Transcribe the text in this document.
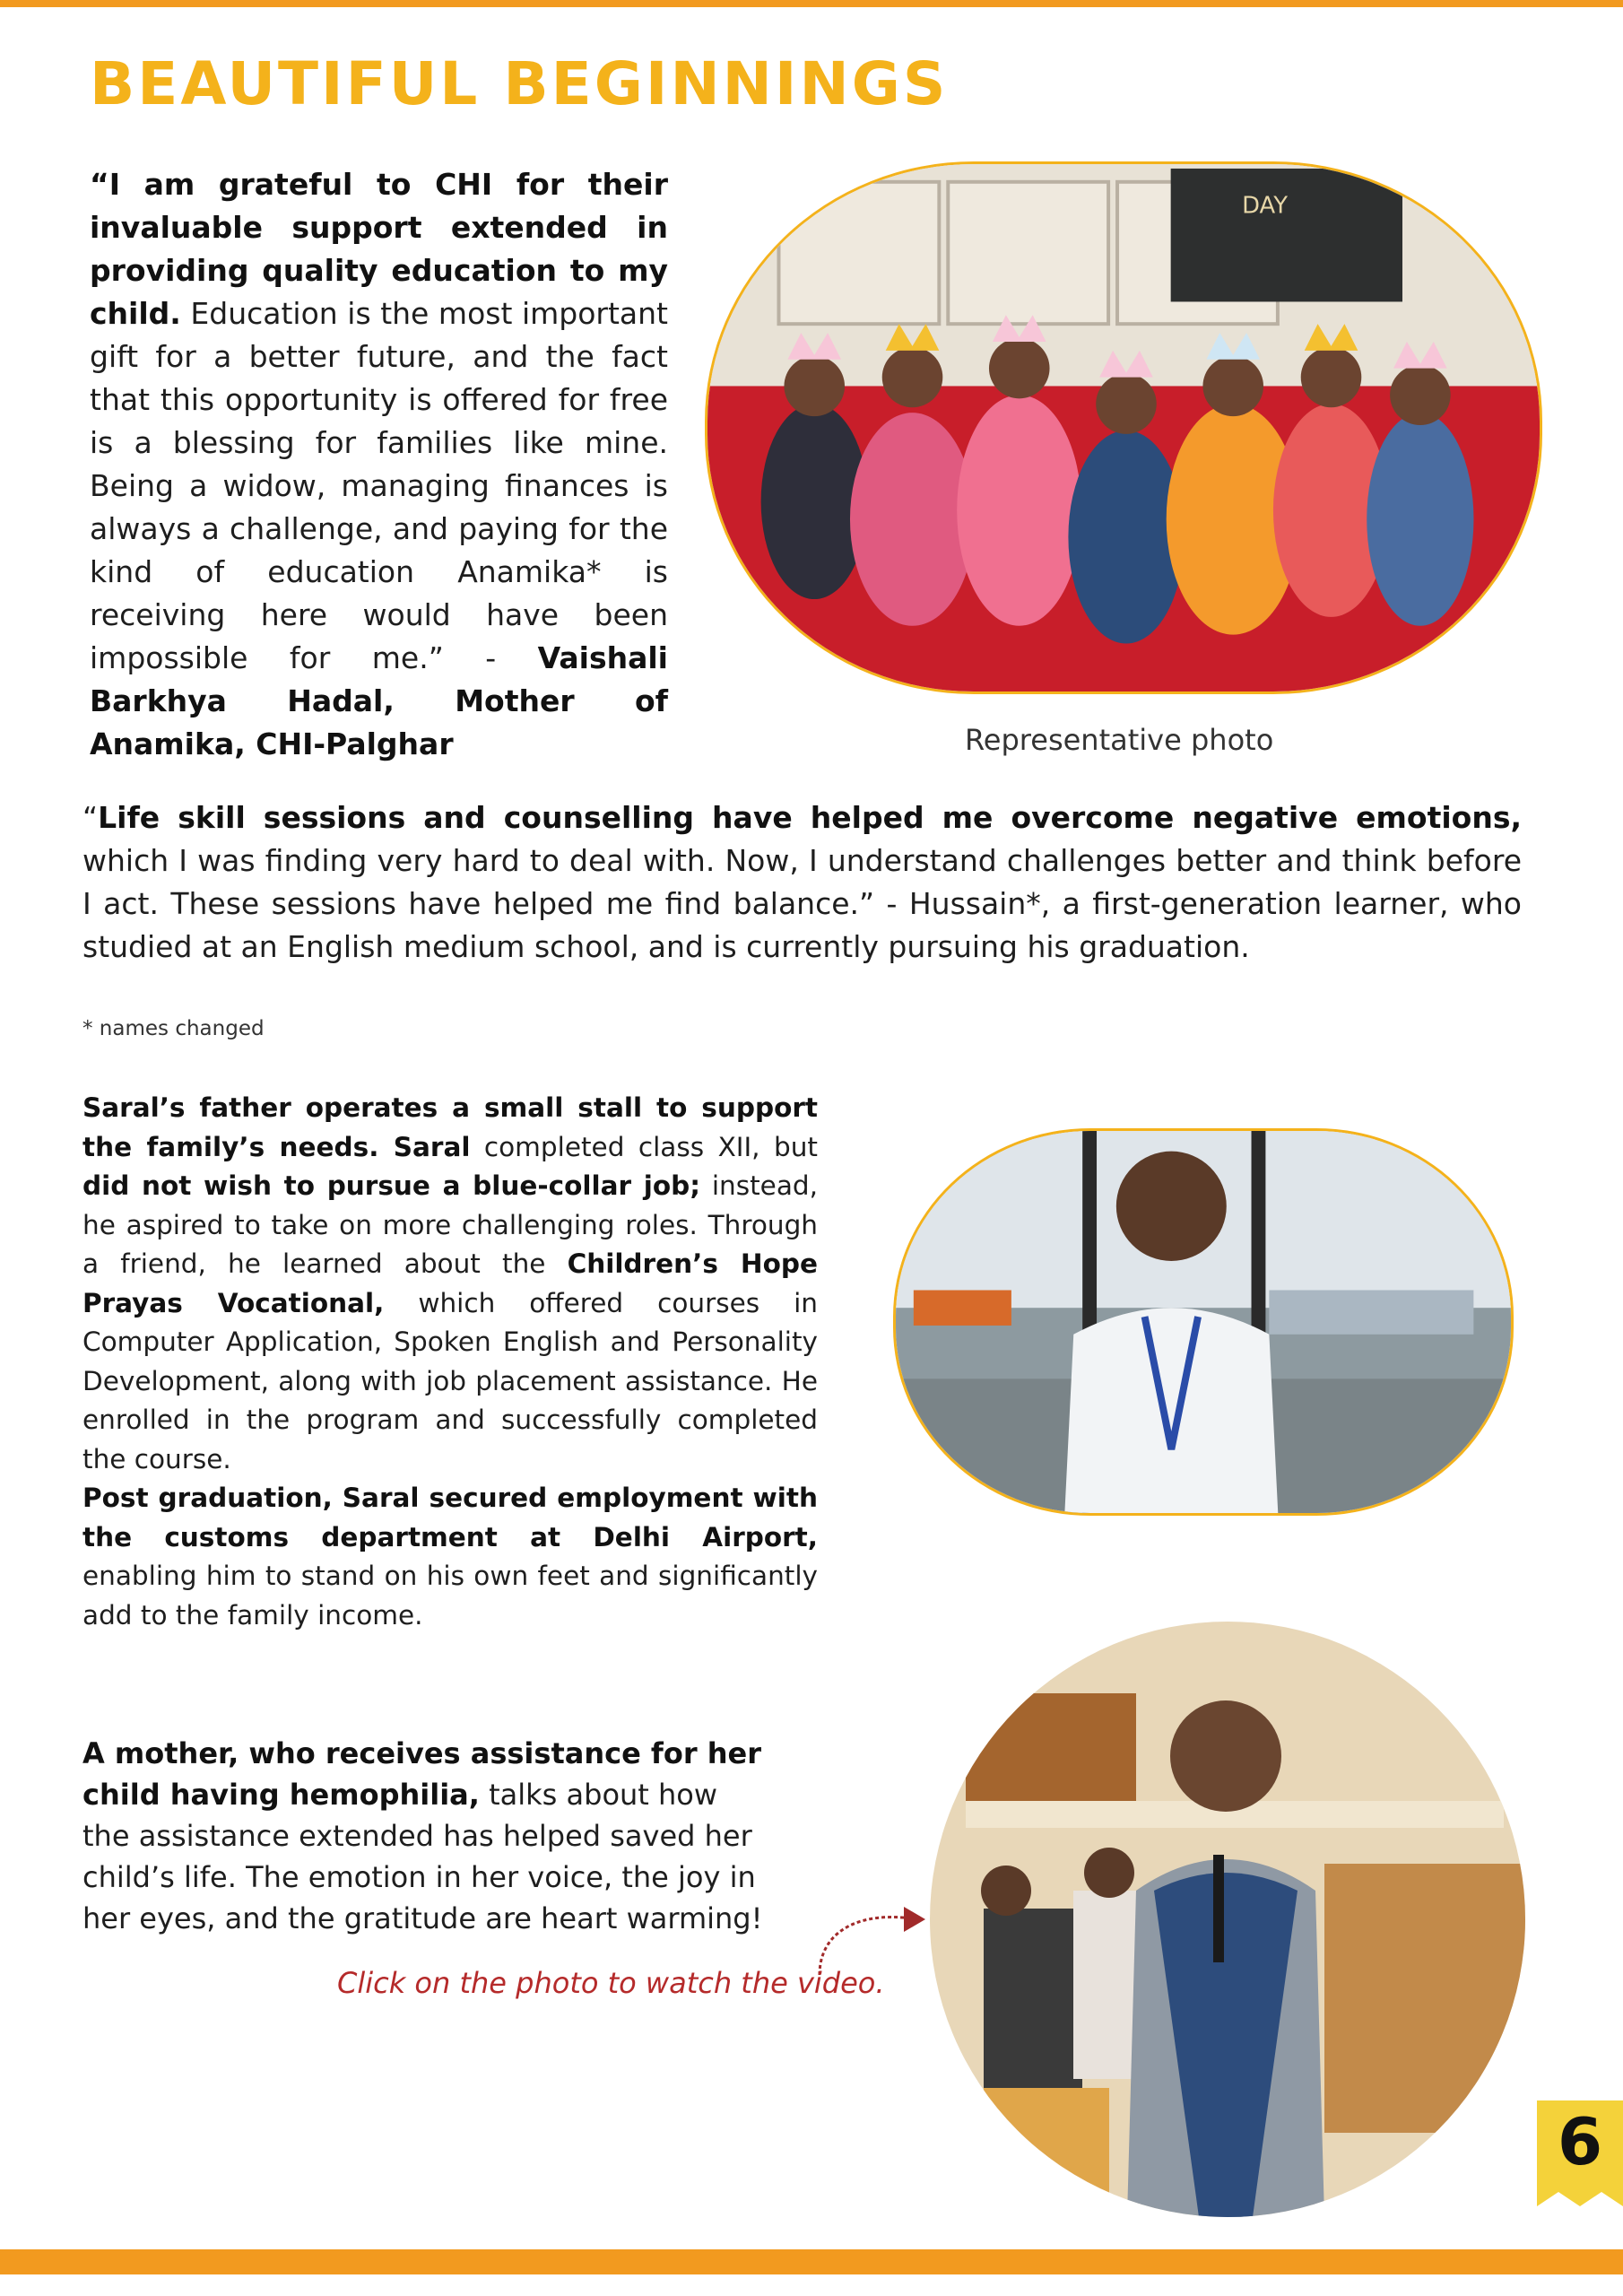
BEAUTIFUL BEGINNINGS

“I am grateful to CHI for their invaluable support extended in providing quality education to my child. Education is the most important gift for a better future, and the fact that this opportunity is offered for free is a blessing for families like mine. Being a widow, managing finances is always a challenge, and paying for the kind of education Anamika* is receiving here would have been impossible for me.” - Vaishali Barkhya Hadal, Mother of Anamika, CHI-Palghar

DAY
Representative photo

“Life skill sessions and counselling have helped me overcome negative emotions, which I was finding very hard to deal with. Now, I understand challenges better and think before I act. These sessions have helped me find balance.” - Hussain*, a first-generation learner, who studied at an English medium school, and is currently pursuing his graduation.

* names changed

Saral’s father operates a small stall to support the family’s needs. Saral completed class XII, but did not wish to pursue a blue-collar job; instead, he aspired to take on more challenging roles. Through a friend, he learned about the Children’s Hope Prayas Vocational, which offered courses in Computer Application, Spoken English and Personality Development, along with job placement assistance. He enrolled in the program and successfully completed the course.

Post graduation, Saral secured employment with the customs department at Delhi Airport, enabling him to stand on his own feet and significantly add to the family income.

A mother, who receives assistance for her child having hemophilia, talks about how the assistance extended has helped saved her child’s life. The emotion in her voice, the joy in her eyes, and the gratitude are heart warming!

Click on the photo to watch the video.
6
